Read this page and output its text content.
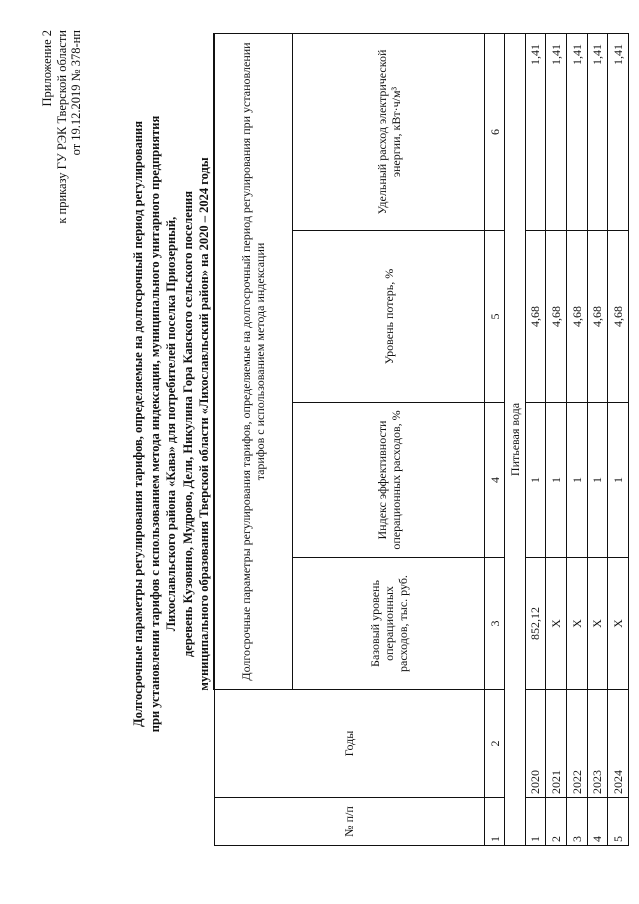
Приложение 2 к приказу ГУ РЭК Тверской области от 19.12.2019 № 378-нп
Долгосрочные параметры регулирования тарифов, определяемые на долгосрочный период регулирования при установлении тарифов с использованием метода индексации, муниципального унитарного предприятия Лихославльского района «Кава» для потребителей поселка Приозерный, деревень Кузовино, Мудрово, Дели, Никулина Гора Кавского сельского поселения муниципального образования Тверской области «Лихославльский район» на 2020 – 2024 годы
№ п/п	Годы	Долгосрочные параметры регулирования тарифов, определяемые на долгосрочный период регулирования при установлении тарифов с использованием метода индексации			
		Базовый уровень операционных расходов, тыс. руб.	Индекс эффективности операционных расходов, %	Уровень потерь, %	Удельный расход электрической энергии, кВт·ч/м³
1	2	3	4	5	6
Питьевая вода					
1	2020	852,12	1	4,68	1,41
2	2021	Х	1	4,68	1,41
3	2022	Х	1	4,68	1,41
4	2023	Х	1	4,68	1,41
5	2024	Х	1	4,68	1,41
